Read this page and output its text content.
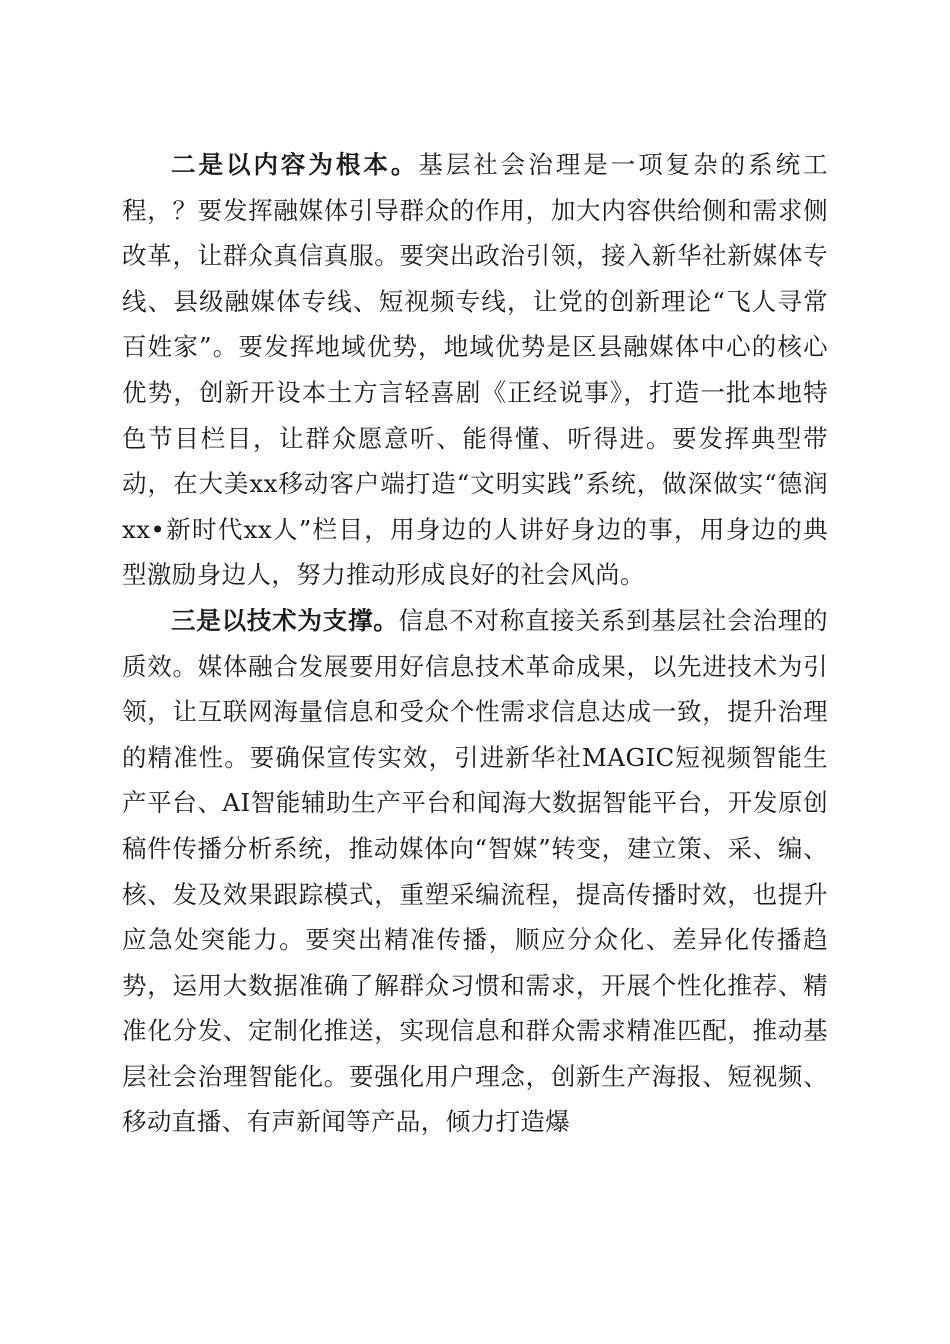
二是以内容为根本。基层社会治理是一项复杂的系统工程，？要发挥融媒体引导群众的作用，加大内容供给侧和需求侧改革，让群众真信真服。要突出政治引领，接入新华社新媒体专线、县级融媒体专线、短视频专线，让党的创新理论“飞人寻常百姓家”。要发挥地域优势，地域优势是区县融媒体中心的核心优势，创新开设本土方言轻喜剧《正经说事》，打造一批本地特色节目栏目，让群众愿意听、能得懂、听得进。要发挥典型带动，在大美xx移动客户端打造“文明实践”系统，做深做实“德润xx•新时代xx人”栏目，用身边的人讲好身边的事，用身边的典型激励身边人，努力推动形成良好的社会风尚。

三是以技术为支撑。信息不对称直接关系到基层社会治理的质效。媒体融合发展要用好信息技术革命成果，以先进技术为引领，让互联网海量信息和受众个性需求信息达成一致，提升治理的精准性。要确保宣传实效，引进新华社MAGIC短视频智能生产平台、AI智能辅助生产平台和闻海大数据智能平台，开发原创稿件传播分析系统，推动媒体向“智媒”转变，建立策、采、编、核、发及效果跟踪模式，重塑采编流程，提高传播时效，也提升应急处突能力。要突出精准传播，顺应分众化、差异化传播趋势，运用大数据准确了解群众习惯和需求，开展个性化推荐、精准化分发、定制化推送，实现信息和群众需求精准匹配，推动基层社会治理智能化。要强化用户理念，创新生产海报、短视频、移动直播、有声新闻等产品，倾力打造爆
